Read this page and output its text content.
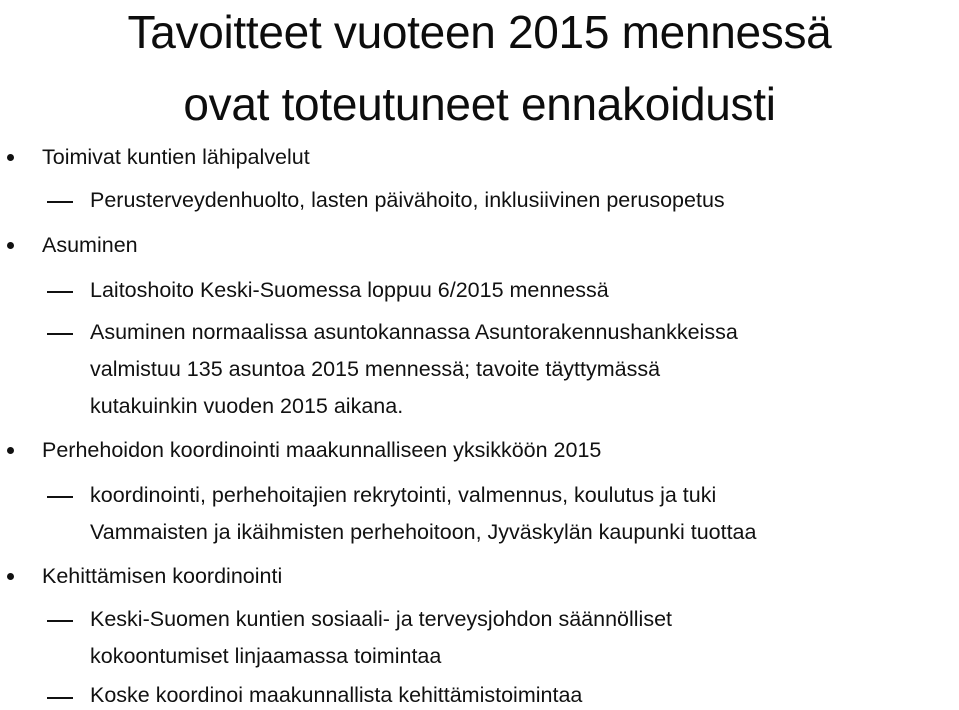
Tavoitteet vuoteen 2015 mennessä
ovat toteutuneet ennakoidusti
Toimivat kuntien lähipalvelut
Perusterveydenhuolto, lasten päivähoito, inklusiivinen perusopetus
Asuminen
Laitoshoito Keski-Suomessa loppuu 6/2015 mennessä
Asuminen normaalissa asuntokannassa Asuntorakennushankkeissa
valmistuu 135 asuntoa 2015 mennessä; tavoite täyttymässä
kutakuinkin vuoden 2015 aikana.
Perhehoidon koordinointi maakunnalliseen yksikköön 2015
koordinointi, perhehoitajien rekrytointi, valmennus, koulutus ja tuki
Vammaisten ja ikäihmisten perhehoitoon, Jyväskylän kaupunki tuottaa
Kehittämisen koordinointi
Keski-Suomen kuntien sosiaali- ja terveysjohdon säännölliset
kokoontumiset linjaamassa toimintaa
Koske koordinoi maakunnallista kehittämistoimintaa
